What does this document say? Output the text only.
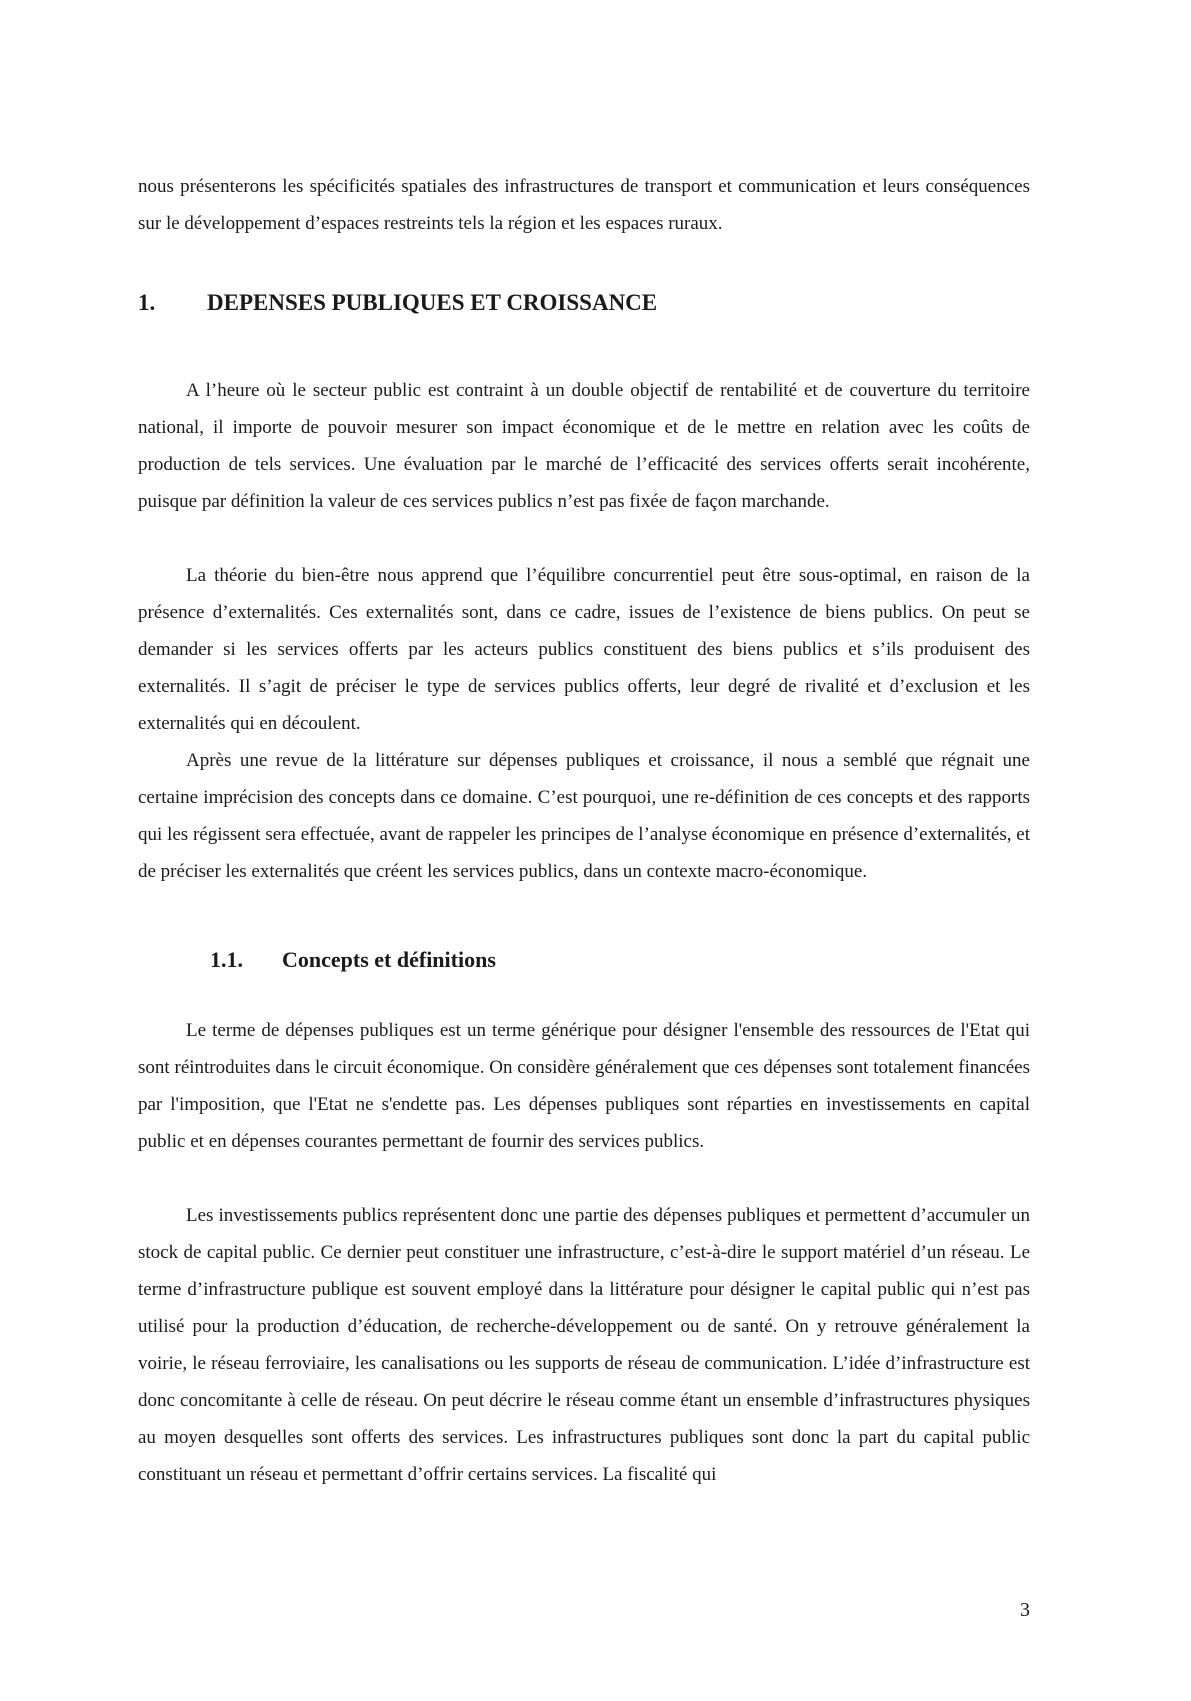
nous présenterons les spécificités spatiales des infrastructures de transport et communication et leurs conséquences sur le développement d’espaces restreints tels la région et les espaces ruraux.

1. DEPENSES PUBLIQUES ET CROISSANCE

A l’heure où le secteur public est contraint à un double objectif de rentabilité et de couverture du territoire national, il importe de pouvoir mesurer son impact économique et de le mettre en relation avec les coûts de production de tels services. Une évaluation par le marché de l’efficacité des services offerts serait incohérente, puisque par définition la valeur de ces services publics n’est pas fixée de façon marchande.

La théorie du bien-être nous apprend que l’équilibre concurrentiel peut être sous-optimal, en raison de la présence d’externalités. Ces externalités sont, dans ce cadre, issues de l’existence de biens publics. On peut se demander si les services offerts par les acteurs publics constituent des biens publics et s’ils produisent des externalités. Il s’agit de préciser le type de services publics offerts, leur degré de rivalité et d’exclusion et les externalités qui en découlent.

Après une revue de la littérature sur dépenses publiques et croissance, il nous a semblé que régnait une certaine imprécision des concepts dans ce domaine. C’est pourquoi, une re-définition de ces concepts et des rapports qui les régissent sera effectuée, avant de rappeler les principes de l’analyse économique en présence d’externalités, et de préciser les externalités que créent les services publics, dans un contexte macro-économique.

1.1. Concepts et définitions

Le terme de dépenses publiques est un terme générique pour désigner l'ensemble des ressources de l'Etat qui sont réintroduites dans le circuit économique. On considère généralement que ces dépenses sont totalement financées par l'imposition, que l'Etat ne s'endette pas. Les dépenses publiques sont réparties en investissements en capital public et en dépenses courantes permettant de fournir des services publics.

Les investissements publics représentent donc une partie des dépenses publiques et permettent d’accumuler un stock de capital public. Ce dernier peut constituer une infrastructure, c’est-à-dire le support matériel d’un réseau. Le terme d’infrastructure publique est souvent employé dans la littérature pour désigner le capital public qui n’est pas utilisé pour la production d’éducation, de recherche-développement ou de santé. On y retrouve généralement la voirie, le réseau ferroviaire, les canalisations ou les supports de réseau de communication. L’idée d’infrastructure est donc concomitante à celle de réseau. On peut décrire le réseau comme étant un ensemble d’infrastructures physiques au moyen desquelles sont offerts des services. Les infrastructures publiques sont donc la part du capital public constituant un réseau et permettant d’offrir certains services. La fiscalité qui

3
